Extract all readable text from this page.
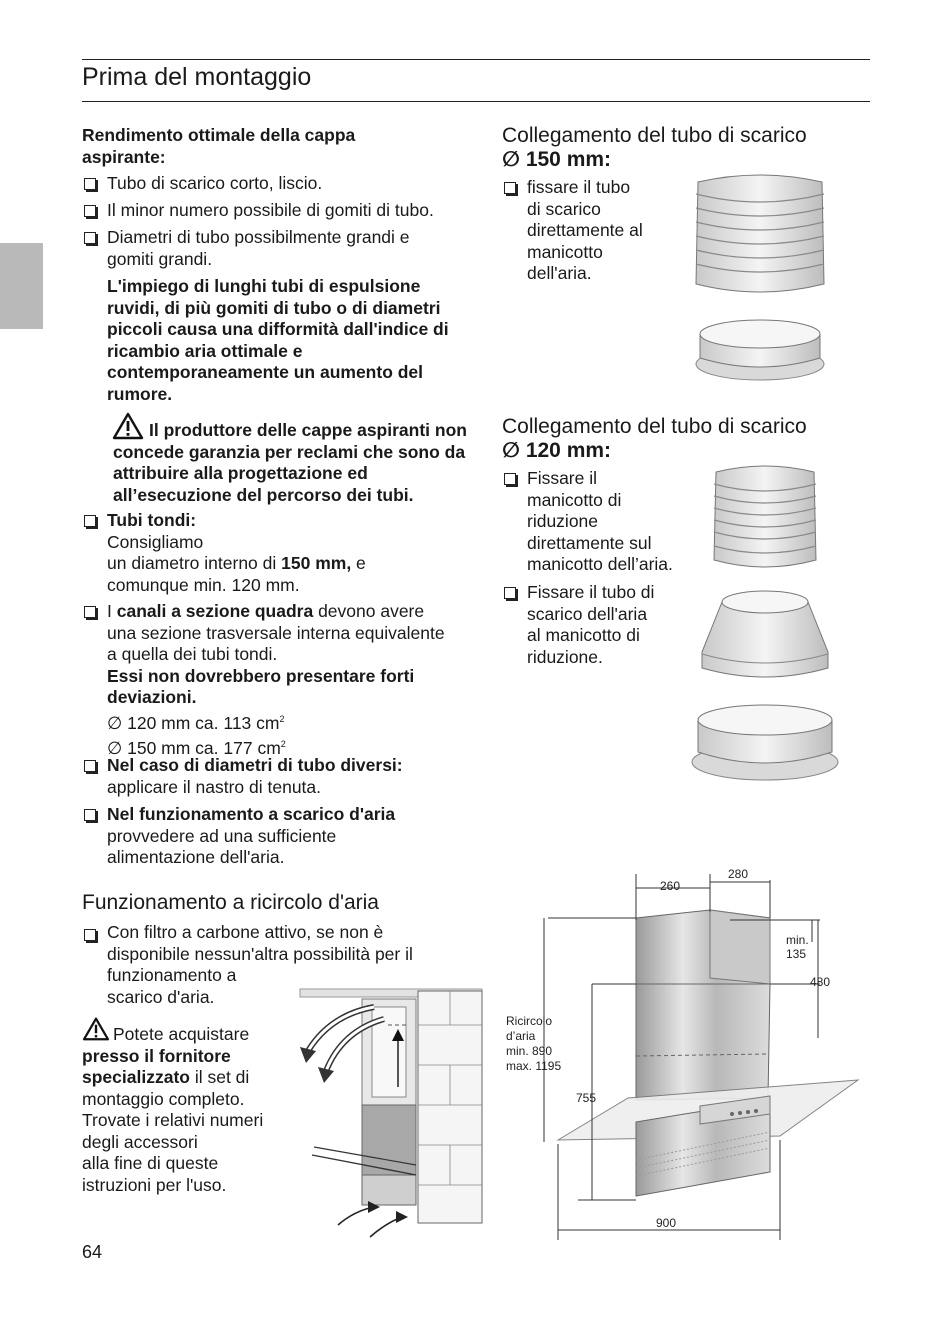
Prima del montaggio
Rendimento ottimale della cappa aspirante:
Tubo di scarico corto, liscio.
Il minor numero possibile di gomiti di tubo.
Diametri di tubo possibilmente grandi e gomiti grandi.
L'impiego di lunghi tubi di espulsione ruvidi, di più gomiti di tubo o di diametri piccoli causa una difformità dall'indice di ricambio aria ottimale e contemporaneamente un aumento del rumore.
Il produttore delle cappe aspiranti non concede garanzia per reclami che sono da attribuire alla progettazione ed all’esecuzione del percorso dei tubi.
Tubi tondi:
Consigliamo
un diametro interno di 150 mm, e
comunque min. 120 mm.
I canali a sezione quadra devono avere
una sezione trasversale interna equivalente
a quella dei tubi tondi.
Essi non dovrebbero presentare forti deviazioni.
∅ 120 mm ca. 113 $cm^2$
∅ 150 mm ca. 177 $cm^2$
Nel caso di diametri di tubo diversi:
applicare il nastro di tenuta.
Nel funzionamento a scarico d'aria
provvedere ad una sufficiente
alimentazione dell'aria.
Collegamento del tubo di scarico
∅ 150 mm:
fissare il tubo
di scarico
direttamente al
manicotto
dell'aria.
Collegamento del tubo di scarico
∅ 120 mm:
Fissare il
manicotto di
riduzione
direttamente sul
manicotto dell’aria.
Fissare il tubo di
scarico dell'aria
al manicotto di
riduzione.
Funzionamento a ricircolo d'aria
Con filtro a carbone attivo, se non è
disponibile nessun'altra possibilità per il
funzionamento a
scarico d'aria.
Potete acquistare
presso il fornitore
specializzato il set di
montaggio completo.
Trovate i relativi numeri
degli accessori
alla fine di queste
istruzioni per l'uso.
260
280
min.
135
480
Ricircolo
d’aria
min. 890
max. 1195
755
900
64
